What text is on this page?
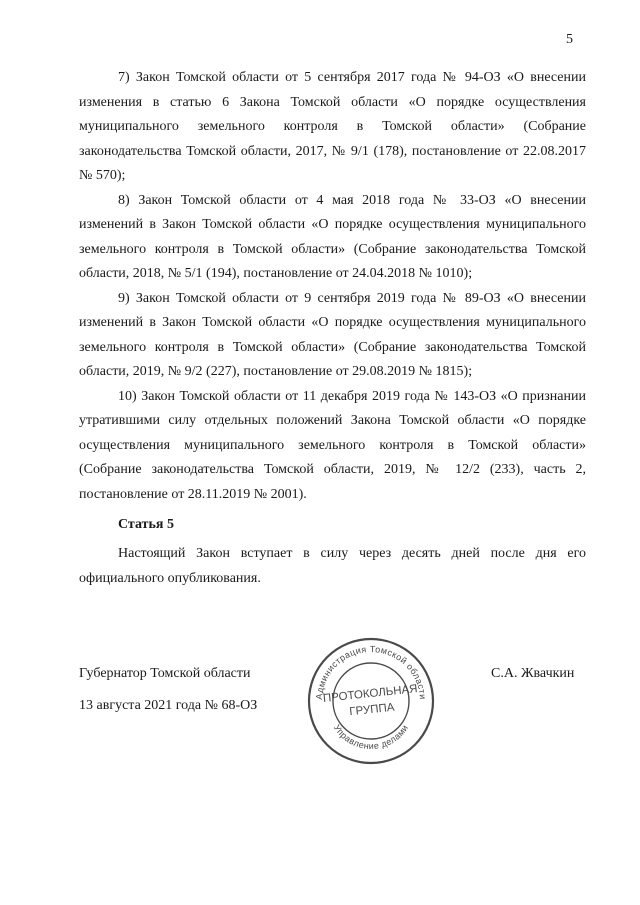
5

7) Закон Томской области от 5 сентября 2017 года № 94-ОЗ «О внесении изменения в статью 6 Закона Томской области «О порядке осуществления муниципального земельного контроля в Томской области» (Собрание законодательства Томской области, 2017, № 9/1 (178), постановление от 22.08.2017 № 570);

8) Закон Томской области от 4 мая 2018 года № 33-ОЗ «О внесении изменений в Закон Томской области «О порядке осуществления муниципального земельного контроля в Томской области» (Собрание законодательства Томской области, 2018, № 5/1 (194), постановление от 24.04.2018 № 1010);

9) Закон Томской области от 9 сентября 2019 года № 89-ОЗ «О внесении изменений в Закон Томской области «О порядке осуществления муниципального земельного контроля в Томской области» (Собрание законодательства Томской области, 2019, № 9/2 (227), постановление от 29.08.2019 № 1815);

10) Закон Томской области от 11 декабря 2019 года № 143-ОЗ «О признании утратившими силу отдельных положений Закона Томской области «О порядке осуществления муниципального земельного контроля в Томской области» (Собрание законодательства Томской области, 2019, № 12/2 (233), часть 2, постановление от 28.11.2019 № 2001).

Статья 5

Настоящий Закон вступает в силу через десять дней после дня его официального опубликования.

Губернатор Томской области	С.А. Жвачкин
13 августа 2021 года № 68-ОЗ
Администрация Томской области
Управление делами
ПРОТОКОЛЬНАЯ
ГРУППА
